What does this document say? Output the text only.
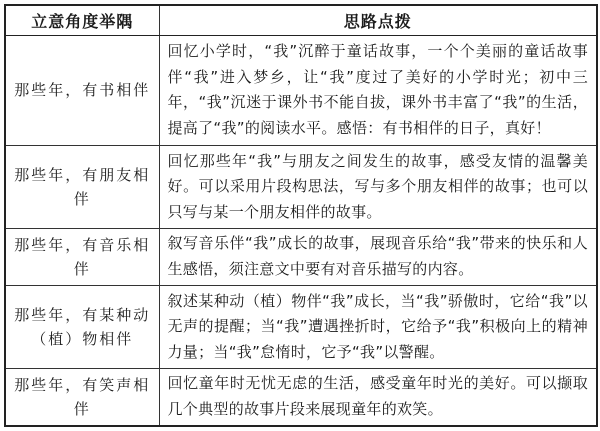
立意角度举隅	思路点拨
那些年，有书相伴	回忆小学时，“我”沉醉于童话故事，一个个美丽的童话故事伴“我”进入梦乡，让“我”度过了美好的小学时光；初中三年，“我”沉迷于课外书不能自拔，课外书丰富了“我”的生活，提高了“我”的阅读水平。感悟：有书相伴的日子，真好！
那些年，有朋友相伴	回忆那些年“我”与朋友之间发生的故事，感受友情的温馨美好。可以采用片段构思法，写与多个朋友相伴的故事；也可以只写与某一个朋友相伴的故事。
那些年，有音乐相伴	叙写音乐伴“我”成长的故事，展现音乐给“我”带来的快乐和人生感悟，须注意文中要有对音乐描写的内容。
那些年，有某种动（植）物相伴	叙述某种动（植）物伴“我”成长，当“我”骄傲时，它给“我”以无声的提醒；当“我”遭遇挫折时，它给予“我”积极向上的精神力量；当“我”怠惰时，它予“我”以警醒。
那些年，有笑声相伴	回忆童年时无忧无虑的生活，感受童年时光的美好。可以撷取几个典型的故事片段来展现童年的欢笑。
